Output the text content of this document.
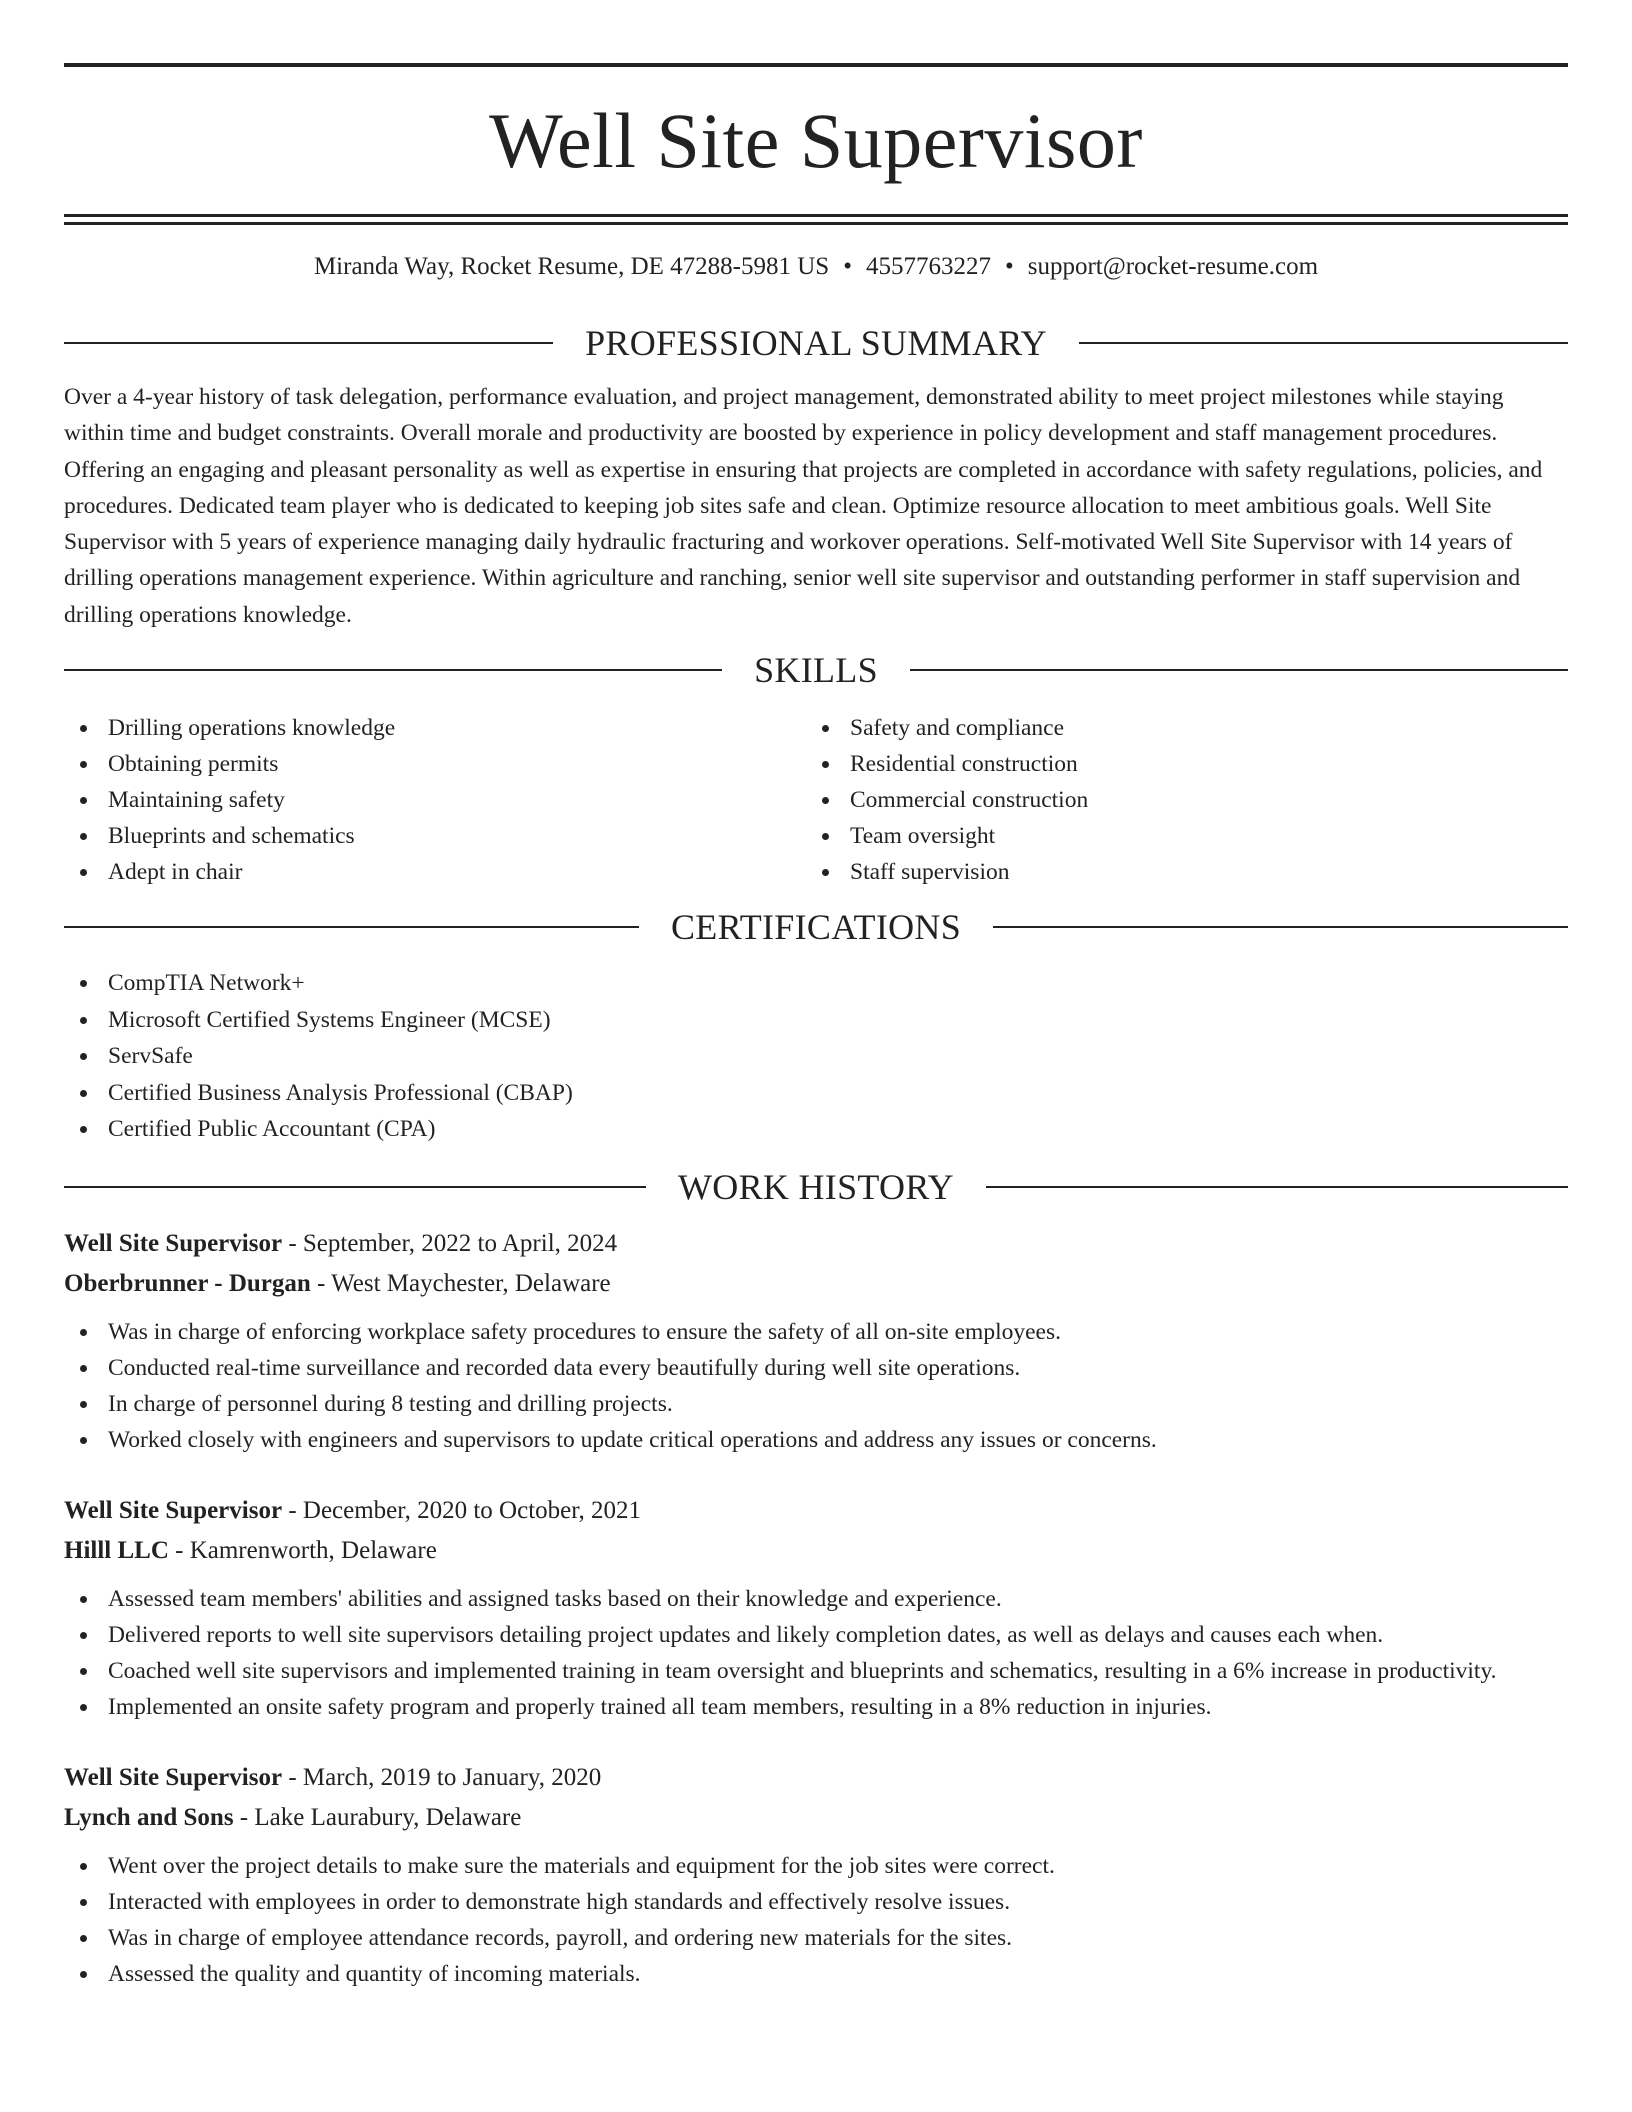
Well Site Supervisor
Miranda Way, Rocket Resume, DE 47288-5981 US • 4557763227 • support@rocket-resume.com
PROFESSIONAL SUMMARY

Over a 4-year history of task delegation, performance evaluation, and project management, demonstrated ability to meet project milestones while staying within time and budget constraints. Overall morale and productivity are boosted by experience in policy development and staff management procedures. Offering an engaging and pleasant personality as well as expertise in ensuring that projects are completed in accordance with safety regulations, policies, and procedures. Dedicated team player who is dedicated to keeping job sites safe and clean. Optimize resource allocation to meet ambitious goals. Well Site Supervisor with 5 years of experience managing daily hydraulic fracturing and workover operations. Self-motivated Well Site Supervisor with 14 years of drilling operations management experience. Within agriculture and ranching, senior well site supervisor and outstanding performer in staff supervision and drilling operations knowledge.

SKILLS
Drilling operations knowledge
Obtaining permits
Maintaining safety
Blueprints and schematics
Adept in chair
Safety and compliance
Residential construction
Commercial construction
Team oversight
Staff supervision
CERTIFICATIONS
CompTIA Network+
Microsoft Certified Systems Engineer (MCSE)
ServSafe
Certified Business Analysis Professional (CBAP)
Certified Public Accountant (CPA)
WORK HISTORY
Well Site Supervisor - September, 2022 to April, 2024
Oberbrunner - Durgan - West Maychester, Delaware
Was in charge of enforcing workplace safety procedures to ensure the safety of all on-site employees.
Conducted real-time surveillance and recorded data every beautifully during well site operations.
In charge of personnel during 8 testing and drilling projects.
Worked closely with engineers and supervisors to update critical operations and address any issues or concerns.
Well Site Supervisor - December, 2020 to October, 2021
Hilll LLC - Kamrenworth, Delaware
Assessed team members' abilities and assigned tasks based on their knowledge and experience.
Delivered reports to well site supervisors detailing project updates and likely completion dates, as well as delays and causes each when.
Coached well site supervisors and implemented training in team oversight and blueprints and schematics, resulting in a 6% increase in productivity.
Implemented an onsite safety program and properly trained all team members, resulting in a 8% reduction in injuries.
Well Site Supervisor - March, 2019 to January, 2020
Lynch and Sons - Lake Laurabury, Delaware
Went over the project details to make sure the materials and equipment for the job sites were correct.
Interacted with employees in order to demonstrate high standards and effectively resolve issues.
Was in charge of employee attendance records, payroll, and ordering new materials for the sites.
Assessed the quality and quantity of incoming materials.
